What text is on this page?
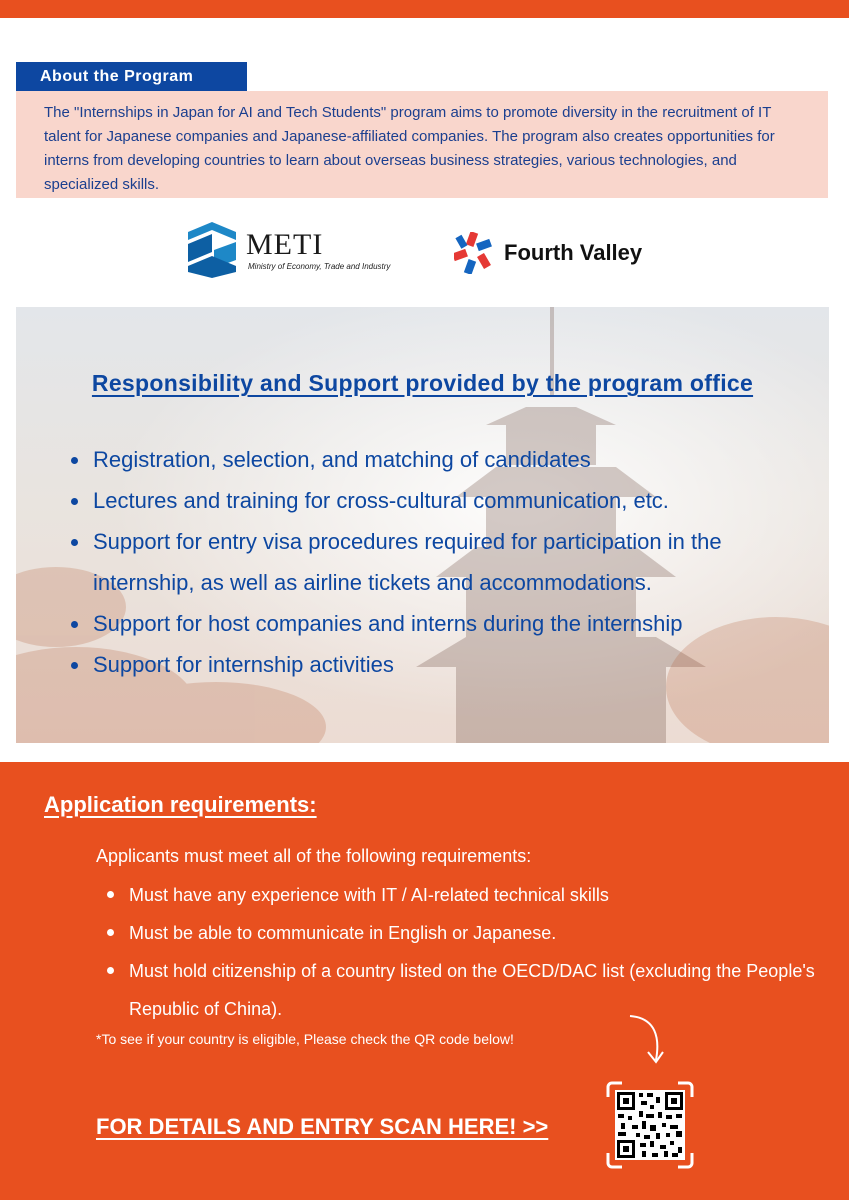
About the Program
The "Internships in Japan for AI and Tech Students" program aims to promote diversity in the recruitment of IT talent for Japanese companies and Japanese-affiliated companies. The program also creates opportunities for interns from developing countries to learn about overseas business strategies, various technologies, and specialized skills.
METI
Ministry of Economy, Trade and Industry
Fourth Valley
Responsibility and Support provided by the program office
Registration, selection, and matching of candidates
Lectures and training for cross-cultural communication, etc.
Support for entry visa procedures required for participation in the internship, as well as airline tickets and accommodations.
Support for host companies and interns during the internship
Support for internship activities
Application requirements:
Applicants must meet all of the following requirements:
Must have any experience with IT / AI-related technical skills
Must be able to communicate in English or Japanese.
Must hold citizenship of a country listed on the OECD/DAC list (excluding the People's Republic of China).
*To see if your country is eligible, Please check the QR code below!
FOR DETAILS AND ENTRY SCAN HERE! >>
